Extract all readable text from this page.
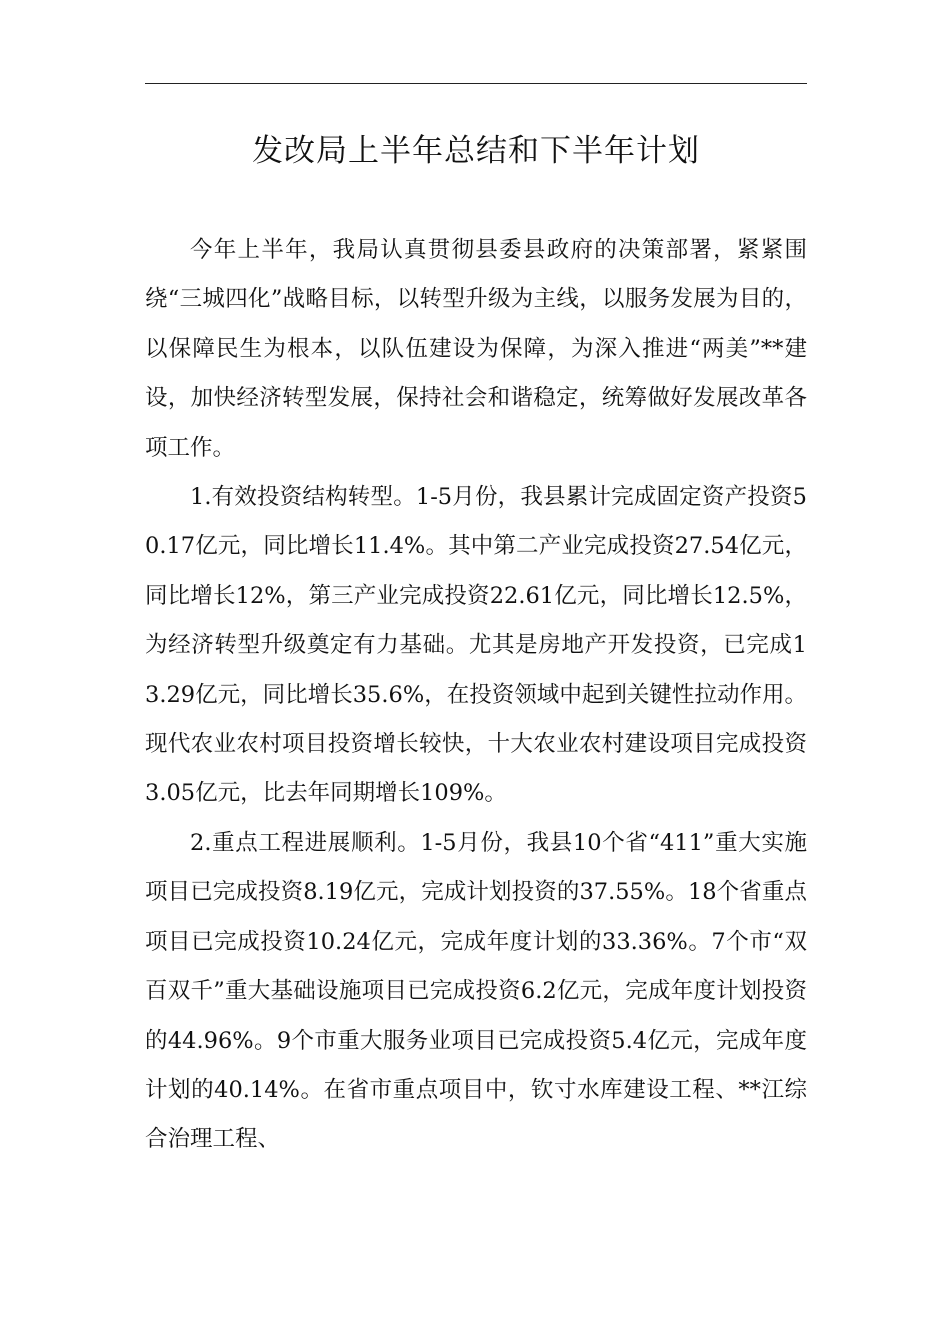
发改局上半年总结和下半年计划

今年上半年，我局认真贯彻县委县政府的决策部署，紧紧围绕“三城四化”战略目标，以转型升级为主线，以服务发展为目的，以保障民生为根本，以队伍建设为保障，为深入推进“两美”**建设，加快经济转型发展，保持社会和谐稳定，统筹做好发展改革各项工作。

1.有效投资结构转型。1-5月份，我县累计完成固定资产投资50.17亿元，同比增长11.4%。其中第二产业完成投资27.54亿元，同比增长12%，第三产业完成投资22.61亿元，同比增长12.5%，为经济转型升级奠定有力基础。尤其是房地产开发投资，已完成13.29亿元，同比增长35.6%，在投资领域中起到关键性拉动作用。现代农业农村项目投资增长较快，十大农业农村建设项目完成投资3.05亿元，比去年同期增长109%。

2.重点工程进展顺利。1-5月份，我县10个省“411”重大实施项目已完成投资8.19亿元，完成计划投资的37.55%。18个省重点项目已完成投资10.24亿元，完成年度计划的33.36%。7个市“双百双千”重大基础设施项目已完成投资6.2亿元，完成年度计划投资的44.96%。9个市重大服务业项目已完成投资5.4亿元，完成年度计划的40.14%。在省市重点项目中，钦寸水库建设工程、**江综合治理工程、
